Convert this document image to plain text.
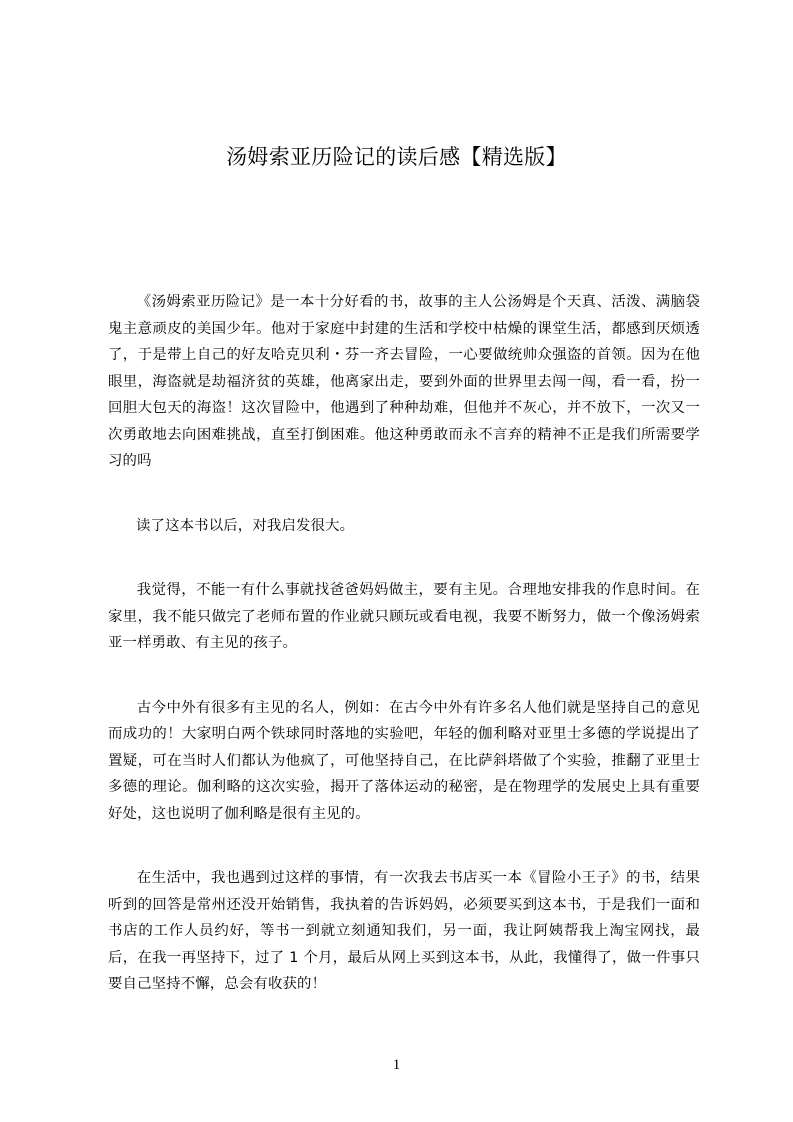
汤姆索亚历险记的读后感【精选版】

《汤姆索亚历险记》是一本十分好看的书，故事的主人公汤姆是个天真、活泼、满脑袋鬼主意顽皮的美国少年。他对于家庭中封建的生活和学校中枯燥的课堂生活，都感到厌烦透了，于是带上自己的好友哈克贝利・芬一齐去冒险，一心要做统帅众强盗的首领。因为在他眼里，海盗就是劫福济贫的英雄，他离家出走，要到外面的世界里去闯一闯，看一看，扮一回胆大包天的海盗！这次冒险中，他遇到了种种劫难，但他并不灰心，并不放下，一次又一次勇敢地去向困难挑战，直至打倒困难。他这种勇敢而永不言弃的精神不正是我们所需要学习的吗

读了这本书以后，对我启发很大。

我觉得，不能一有什么事就找爸爸妈妈做主，要有主见。合理地安排我的作息时间。在家里，我不能只做完了老师布置的作业就只顾玩或看电视，我要不断努力，做一个像汤姆索亚一样勇敢、有主见的孩子。

古今中外有很多有主见的名人，例如：在古今中外有许多名人他们就是坚持自己的意见而成功的！大家明白两个铁球同时落地的实验吧，年轻的伽利略对亚里士多德的学说提出了置疑，可在当时人们都认为他疯了，可他坚持自己，在比萨斜塔做了个实验，推翻了亚里士多德的理论。伽利略的这次实验，揭开了落体运动的秘密，是在物理学的发展史上具有重要好处，这也说明了伽利略是很有主见的。

在生活中，我也遇到过这样的事情，有一次我去书店买一本《冒险小王子》的书，结果听到的回答是常州还没开始销售，我执着的告诉妈妈，必须要买到这本书，于是我们一面和书店的工作人员约好，等书一到就立刻通知我们，另一面，我让阿姨帮我上淘宝网找，最后，在我一再坚持下，过了 1 个月，最后从网上买到这本书，从此，我懂得了，做一件事只要自己坚持不懈，总会有收获的！

1
